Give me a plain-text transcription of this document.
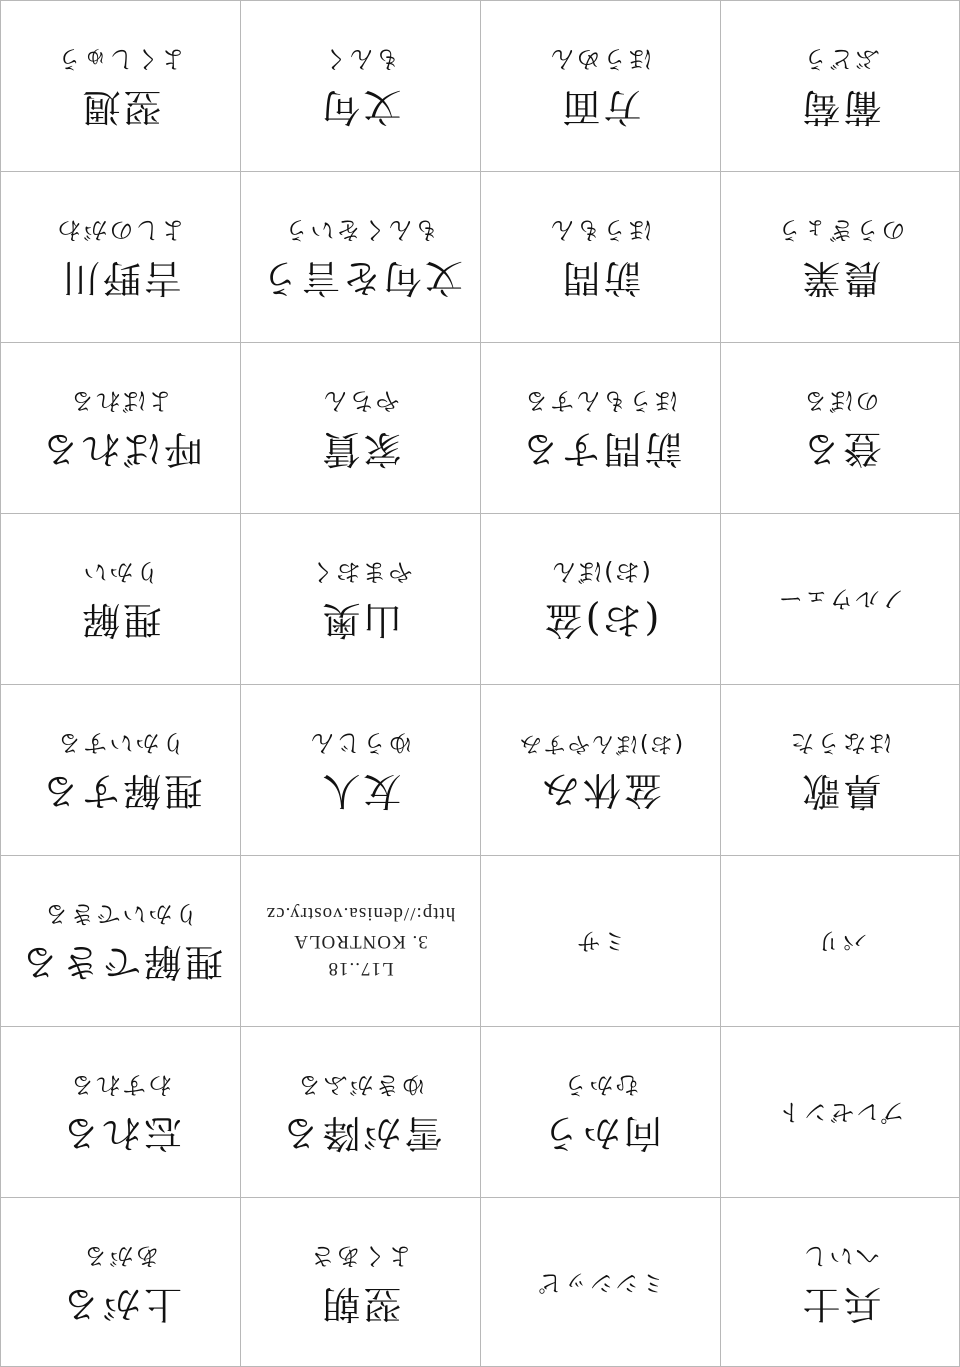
翌週
よくしゅう
文句
もんく
方面
ほうめん
葡萄
ぶどう
吉野川
よしのがわ
文句を言う
もんくをいう
訪問
ほうもん
農業
のうぎょう
呼ばれる
よばれる
家賃
やちん
訪問する
ほうもんする
登る
のぼる
理解
りかい
山奥
やまおく
(お)盆
(お)ぼん
ノルウェー
理解する
りかいする
友人
ゆうじん
盆休み
(お)ぼんやすみ
鼻歌
はなうた
理解できる
りかいできる
L17..18
3. KONTROLA
http://denisa.vostry.cz
ミサ	パリ
忘れる
わすれる
雪が降る
ゆきがふる
向かう
むかう
プレゼント
上がる
あがる
翌朝
よくあさ
ミシシッピ	兵士
へいし
